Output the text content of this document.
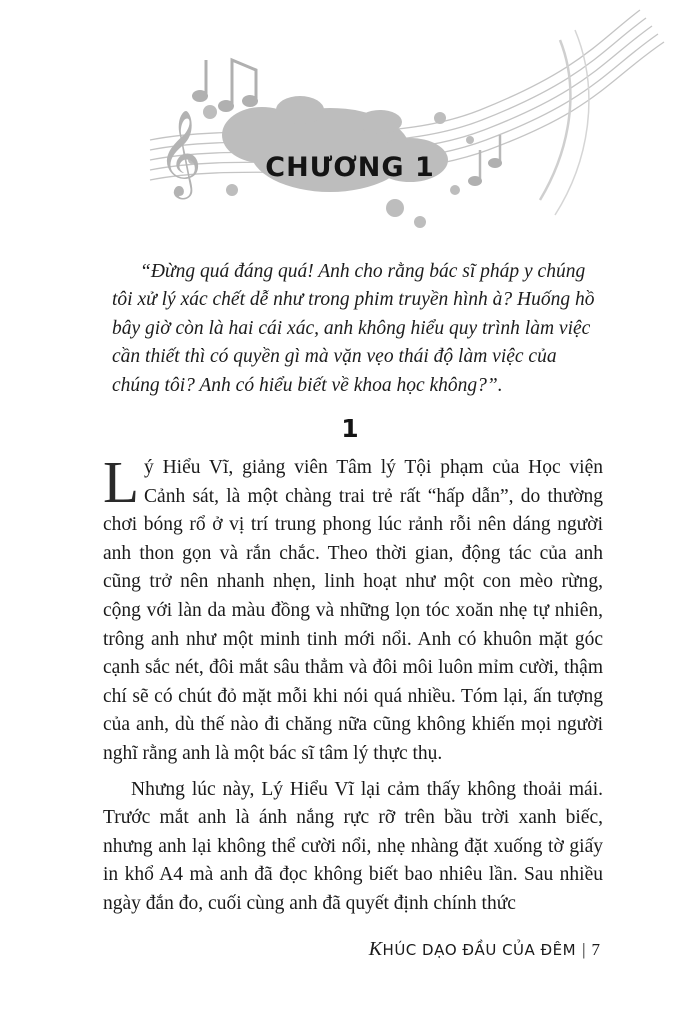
𝄞	CHƯƠNG 1

“Đừng quá đáng quá! Anh cho rằng bác sĩ pháp y chúng tôi xử lý xác chết dễ như trong phim truyền hình à? Huống hồ bây giờ còn là hai cái xác, anh không hiểu quy trình làm việc cần thiết thì có quyền gì mà vặn vẹo thái độ làm việc của chúng tôi? Anh có hiểu biết về khoa học không?”.

1

Lý Hiểu Vĩ, giảng viên Tâm lý Tội phạm của Học viện Cảnh sát, là một chàng trai trẻ rất “hấp dẫn”, do thường chơi bóng rổ ở vị trí trung phong lúc rảnh rỗi nên dáng người anh thon gọn và rắn chắc. Theo thời gian, động tác của anh cũng trở nên nhanh nhẹn, linh hoạt như một con mèo rừng, cộng với làn da màu đồng và những lọn tóc xoăn nhẹ tự nhiên, trông anh như một minh tinh mới nổi. Anh có khuôn mặt góc cạnh sắc nét, đôi mắt sâu thẳm và đôi môi luôn mỉm cười, thậm chí sẽ có chút đỏ mặt mỗi khi nói quá nhiều. Tóm lại, ấn tượng của anh, dù thế nào đi chăng nữa cũng không khiến mọi người nghĩ rằng anh là một bác sĩ tâm lý thực thụ.

Nhưng lúc này, Lý Hiểu Vĩ lại cảm thấy không thoải mái. Trước mắt anh là ánh nắng rực rỡ trên bầu trời xanh biếc, nhưng anh lại không thể cười nổi, nhẹ nhàng đặt xuống tờ giấy in khổ A4 mà anh đã đọc không biết bao nhiêu lần. Sau nhiều ngày đắn đo, cuối cùng anh đã quyết định chính thức

KHÚC DẠO ĐẦU CỦA ĐÊM | 7
